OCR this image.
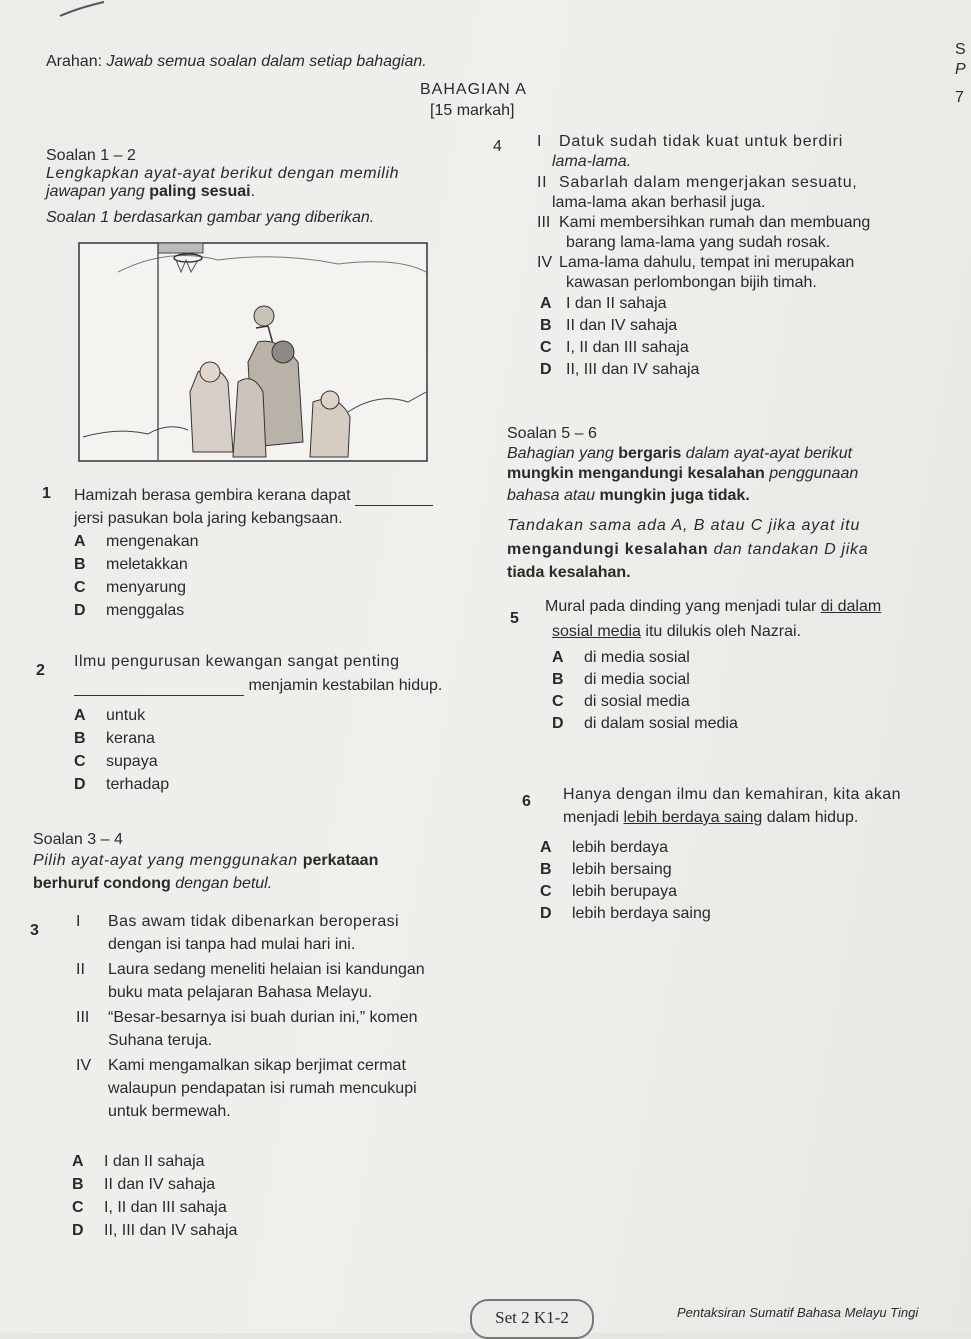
Arahan: Jawab semua soalan dalam setiap bahagian.
S
P
7
BAHAGIAN A
[15 markah]
Soalan 1 – 2
Lengkapkan ayat-ayat berikut dengan memilih
jawapan yang paling sesuai.
Soalan 1 berdasarkan gambar yang diberikan.
1 Hamizah berasa gembira kerana dapat
jersi pasukan bola jaring kebangsaan.
A mengenakan
B meletakkan
C menyarung
D menggalas
2
Ilmu pengurusan kewangan sangat penting
menjamin kestabilan hidup.
A untuk
B kerana
C supaya
D terhadap
Soalan 3 – 4
Pilih ayat-ayat yang menggunakan perkataan
berhuruf condong dengan betul.
3
I Bas awam tidak dibenarkan beroperasi
dengan isi tanpa had mulai hari ini.
II Laura sedang meneliti helaian isi kandungan
buku mata pelajaran Bahasa Melayu.
III “Besar-besarnya isi buah durian ini,” komen
Suhana teruja.
IV Kami mengamalkan sikap berjimat cermat
walaupun pendapatan isi rumah mencukupi
untuk bermewah.
A I dan II sahaja
B II dan IV sahaja
C I, II dan III sahaja
D II, III dan IV sahaja
4 I Datuk sudah tidak kuat untuk berdiri
lama-lama.
II Sabarlah dalam mengerjakan sesuatu,
lama-lama akan berhasil juga.
III Kami membersihkan rumah dan membuang
barang lama-lama yang sudah rosak.
IV Lama-lama dahulu, tempat ini merupakan
kawasan perlombongan bijih timah.
A I dan II sahaja
B II dan IV sahaja
C I, II dan III sahaja
D II, III dan IV sahaja
Soalan 5 – 6
Bahagian yang bergaris dalam ayat-ayat berikut
mungkin mengandungi kesalahan penggunaan
bahasa atau mungkin juga tidak.
Tandakan sama ada A, B atau C jika ayat itu
mengandungi kesalahan dan tandakan D jika
tiada kesalahan.
5
Mural pada dinding yang menjadi tular di dalam
sosial media itu dilukis oleh Nazrai.
A di media sosial
B di media social
C di sosial media
D di dalam sosial media
6 Hanya dengan ilmu dan kemahiran, kita akan
menjadi lebih berdaya saing dalam hidup.
A lebih berdaya
B lebih bersaing
C lebih berupaya
D lebih berdaya saing
Set 2 K1-2	Pentaksiran Sumatif Bahasa Melayu Tingi
